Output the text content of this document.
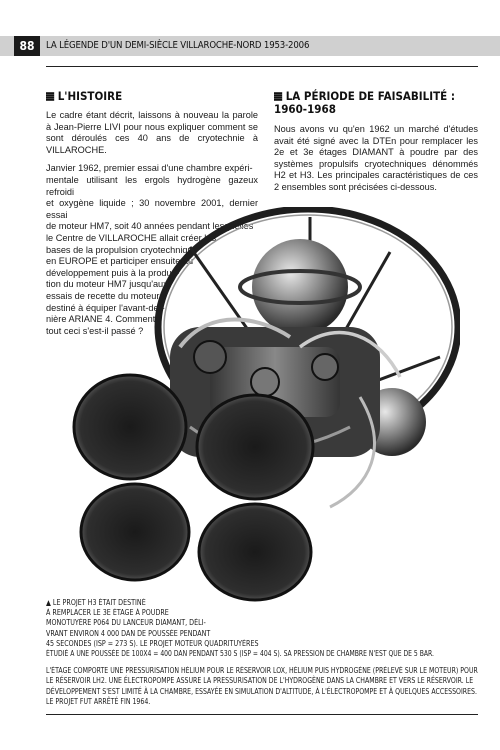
88	LA LÉGENDE D'UN DEMI-SIÈCLE VILLAROCHE-NORD 1953-2006
L'HISTOIRE

Le cadre étant décrit, laissons à nouveau la parole à Jean-Pierre LIVI pour nous expliquer comment se sont déroulés ces 40 ans de cryotechnie à VILLAROCHE.

Janvier 1962, premier essai d'une chambre expéri-
mentale utilisant les ergols hydrogène gazeux refroidi
et oxygène liquide ; 30 novembre 2001, dernier essai
de moteur HM7, soit 40 années pendant lesquelles
le Centre de VILLAROCHE allait créer les
bases de la propulsion cryotechnique
en EUROPE et participer ensuite au
développement puis à la produc-
tion du moteur HM7 jusqu'aux
essais de recette du moteur
destiné à équiper l'avant-der-
nière ARIANE 4. Comment
tout ceci s'est-il passé ?
LA PÉRIODE DE FAISABILITÉ :
1960-1968

Nous avons vu qu'en 1962 un marché d'études avait été signé avec la DTEn pour remplacer les 2e et 3e étages DIAMANT à poudre par des systèmes propulsifs cryotechniques dénommés H2 et H3. Les principales caractéristiques de ces 2 ensembles sont précisées ci-dessous.

▲ LE PROJET H3 ÉTAIT DESTINÉ
À REMPLACER LE 3E ÉTAGE À POUDRE
MONOTUYÈRE P064 DU LANCEUR DIAMANT, DÉLI-
VRANT ENVIRON 4 000 DAN DE POUSSÉE PENDANT
45 SECONDES (ISP = 273 S). LE PROJET MOTEUR QUADRITUYÈRES
ÉTUDIÉ A UNE POUSSÉE DE 100X4 = 400 DAN PENDANT 530 S (ISP = 404 S). SA PRESSION DE CHAMBRE N'EST QUE DE 5 BAR.

L'ÉTAGE COMPORTE UNE PRESSURISATION HÉLIUM POUR LE RÉSERVOIR LOX, HÉLIUM PUIS HYDROGÈNE (PRÉLEVÉ SUR LE MOTEUR) POUR LE RÉSERVOIR LH2. UNE ÉLECTROPOMPE ASSURE LA PRESSURISATION DE L'HYDROGÈNE DANS LA CHAMBRE ET VERS LE RÉSERVOIR. LE DÉVELOPPEMENT S'EST LIMITÉ À LA CHAMBRE, ESSAYÉE EN SIMULATION D'ALTITUDE, À L'ÉLECTROPOMPE ET À QUELQUES ACCESSOIRES. LE PROJET FUT ARRÊTÉ FIN 1964.
